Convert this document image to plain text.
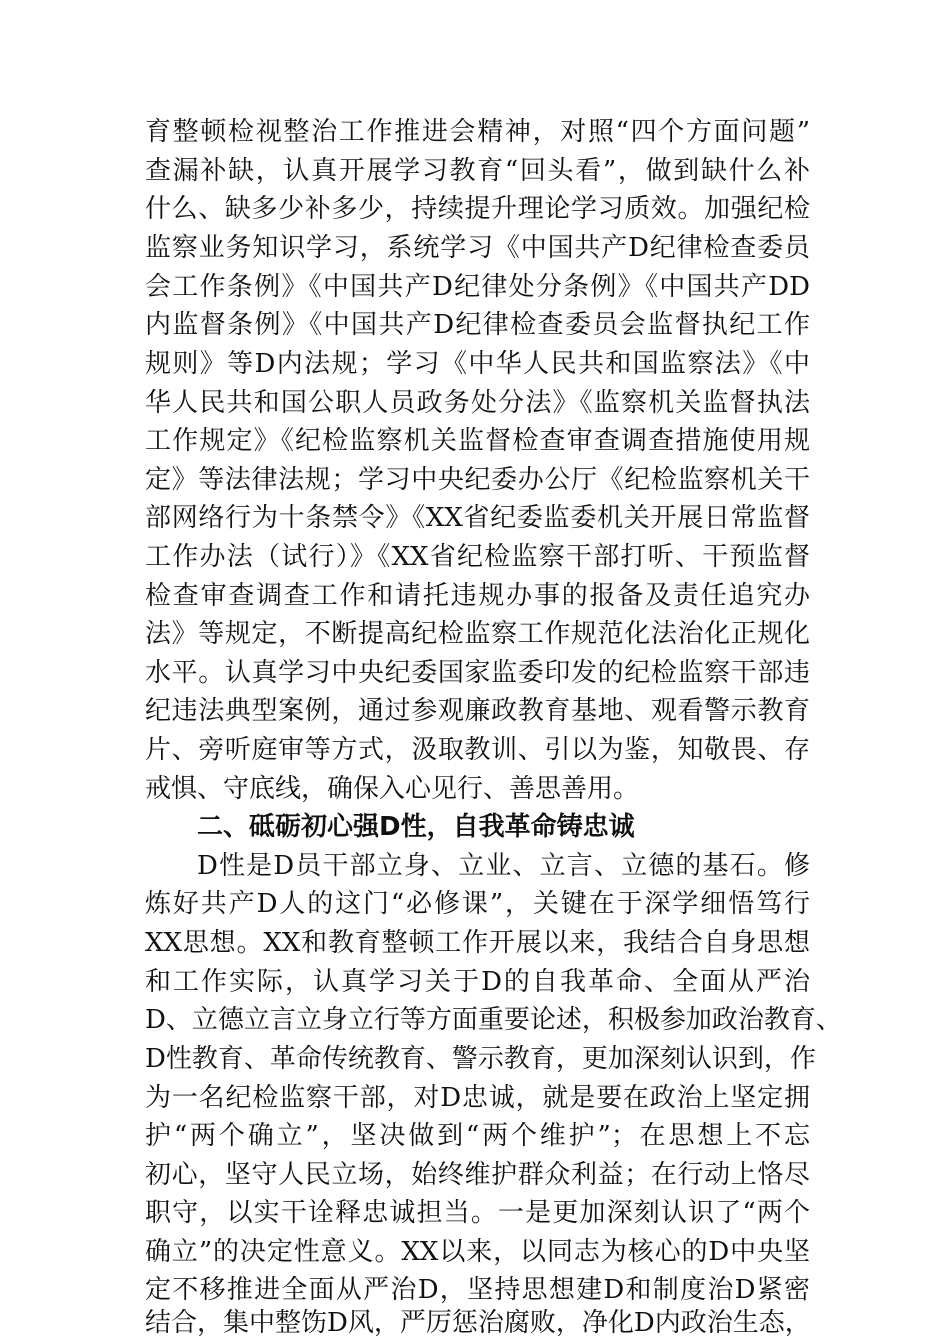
育整顿检视整治工作推进会精神，对照“四个方面问题”
查漏补缺，认真开展学习教育“回头看”，做到缺什么补
什么、缺多少补多少，持续提升理论学习质效。加强纪检
监察业务知识学习，系统学习《中国共产D纪律检查委员
会工作条例》《中国共产D纪律处分条例》《中国共产DD
内监督条例》《中国共产D纪律检查委员会监督执纪工作
规则》等D内法规；学习《中华人民共和国监察法》《中
华人民共和国公职人员政务处分法》《监察机关监督执法
工作规定》《纪检监察机关监督检查审查调查措施使用规
定》等法律法规；学习中央纪委办公厅《纪检监察机关干
部网络行为十条禁令》《XX省纪委监委机关开展日常监督
工作办法（试行）》《XX省纪检监察干部打听、干预监督
检查审查调查工作和请托违规办事的报备及责任追究办
法》等规定，不断提高纪检监察工作规范化法治化正规化
水平。认真学习中央纪委国家监委印发的纪检监察干部违
纪违法典型案例，通过参观廉政教育基地、观看警示教育
片、旁听庭审等方式，汲取教训、引以为鉴，知敬畏、存
戒惧、守底线，确保入心见行、善思善用。
二、砥砺初心强D性，自我革命铸忠诚
D性是D员干部立身、立业、立言、立德的基石。修
炼好共产D人的这门“必修课”，关键在于深学细悟笃行
XX思想。XX和教育整顿工作开展以来，我结合自身思想
和工作实际，认真学习关于D的自我革命、全面从严治
D、立德立言立身立行等方面重要论述，积极参加政治教育、
D性教育、革命传统教育、警示教育，更加深刻认识到，作
为一名纪检监察干部，对D忠诚，就是要在政治上坚定拥
护“两个确立”，坚决做到“两个维护”；在思想上不忘
初心，坚守人民立场，始终维护群众利益；在行动上恪尽
职守，以实干诠释忠诚担当。一是更加深刻认识了“两个
确立”的决定性意义。XX以来，以同志为核心的D中央坚
定不移推进全面从严治D，坚持思想建D和制度治D紧密
结合，集中整饬D风，严厉惩治腐败，净化D内政治生态，
